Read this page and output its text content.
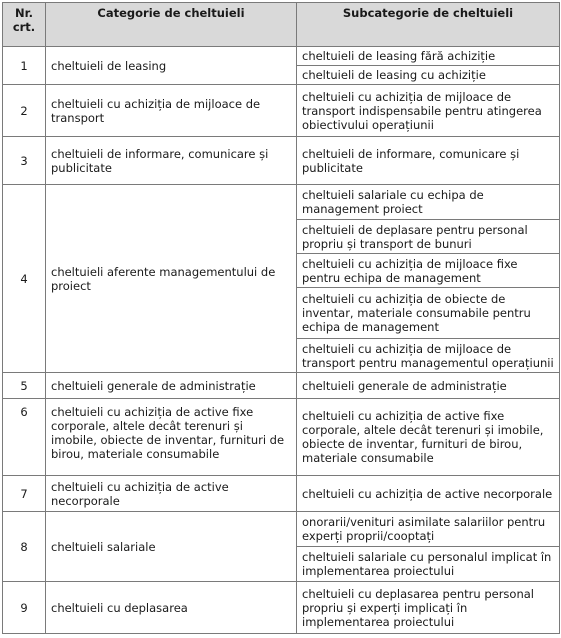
Nr. crt.	Categorie de cheltuieli	Subcategorie de cheltuieli
1	cheltuieli de leasing	cheltuieli de leasing fără achiziție
		cheltuieli de leasing cu achiziție
2	cheltuieli cu achiziția de mijloace de transport	cheltuieli cu achiziția de mijloace de transport indispensabile pentru atingerea obiectivului operațiunii
3	cheltuieli de informare, comunicare și publicitate	cheltuieli de informare, comunicare și publicitate
4	cheltuieli aferente managementului de proiect	cheltuieli salariale cu echipa de management proiect
		cheltuieli de deplasare pentru personal propriu și transport de bunuri
		cheltuieli cu achiziția de mijloace fixe pentru echipa de management
		cheltuieli cu achiziția de obiecte de inventar, materiale consumabile pentru echipa de management
		cheltuieli cu achiziția de mijloace de transport pentru managementul operațiunii
5	cheltuieli generale de administrație	cheltuieli generale de administrație
6	cheltuieli cu achiziția de active fixe corporale, altele decât terenuri și imobile, obiecte de inventar, furnituri de birou, materiale consumabile	cheltuieli cu achiziția de active fixe corporale, altele decât terenuri și imobile, obiecte de inventar, furnituri de birou, materiale consumabile
7	cheltuieli cu achiziția de active necorporale	cheltuieli cu achiziția de active necorporale
8	cheltuieli salariale	onorarii/venituri asimilate salariilor pentru experți proprii/cooptați
		cheltuieli salariale cu personalul implicat în implementarea proiectului
9	cheltuieli cu deplasarea	cheltuieli cu deplasarea pentru personal propriu și experți implicați în implementarea proiectului
